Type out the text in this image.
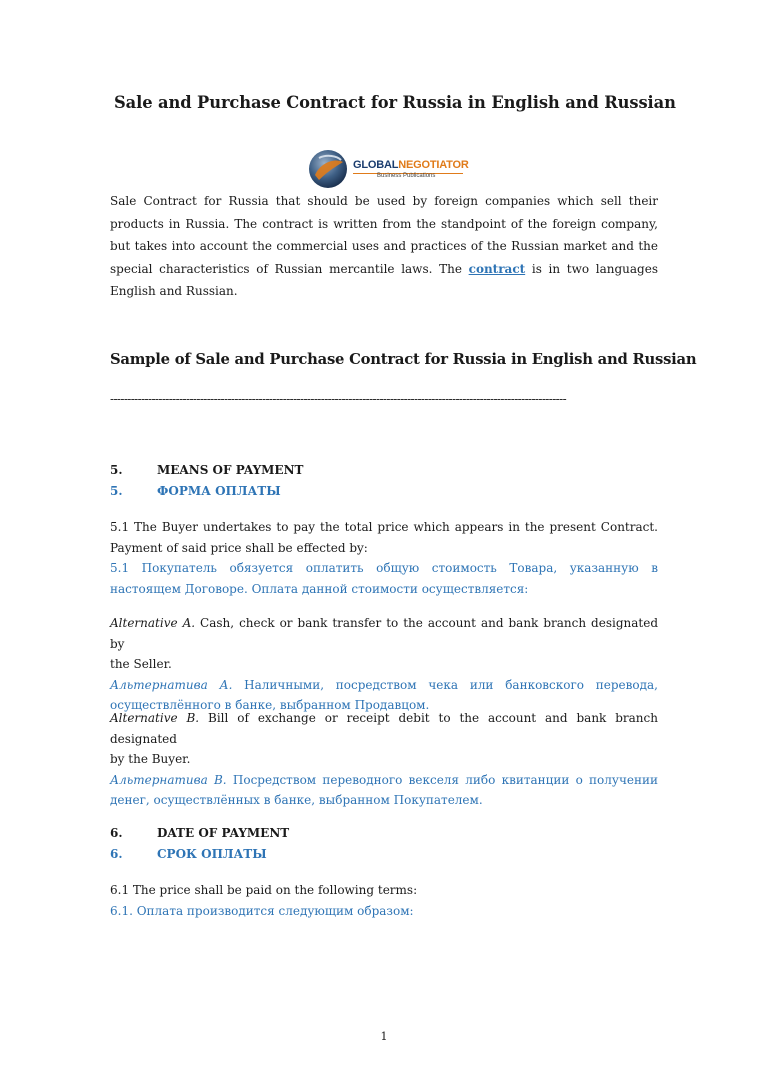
Sale and Purchase Contract for Russia in English and Russian
GLOBALNEGOTIATOR
Business Publications
Sale Contract for Russia that should be used by foreign companies which sell their products in Russia. The contract is written from the standpoint of the foreign company, but takes into account the commercial uses and practices of the Russian market and the special characteristics of Russian mercantile laws. The contract is in two languages English and Russian.
Sample of Sale and Purchase Contract for Russia in English and Russian
------------------------------------------------------------------------------------------------------------------------------------
5.	MEANS OF PAYMENT
5.	ФОРМА ОПЛАТЫ
5.1 The Buyer undertakes to pay the total price which appears in the present Contract.
Payment of said price shall be effected by:
5.1 Покупатель обязуется оплатить общую стоимость Товара, указанную в
настоящем Договоре. Оплата данной стоимости осуществляется:
Alternative A. Cash, check or bank transfer to the account and bank branch designated by
the Seller.
Альтернатива А. Наличными, посредством чека или банковского перевода,
осуществлённого в банке, выбранном Продавцом.
Alternative B. Bill of exchange or receipt debit to the account and bank branch designated
by the Buyer.
Альтернатива В. Посредством переводного векселя либо квитанции о получении
денег, осуществлённых в банке, выбранном Покупателем.
6.	DATE OF PAYMENT
6.	СРОК ОПЛАТЫ
6.1 The price shall be paid on the following terms:
6.1. Оплата производится следующим образом:
1
